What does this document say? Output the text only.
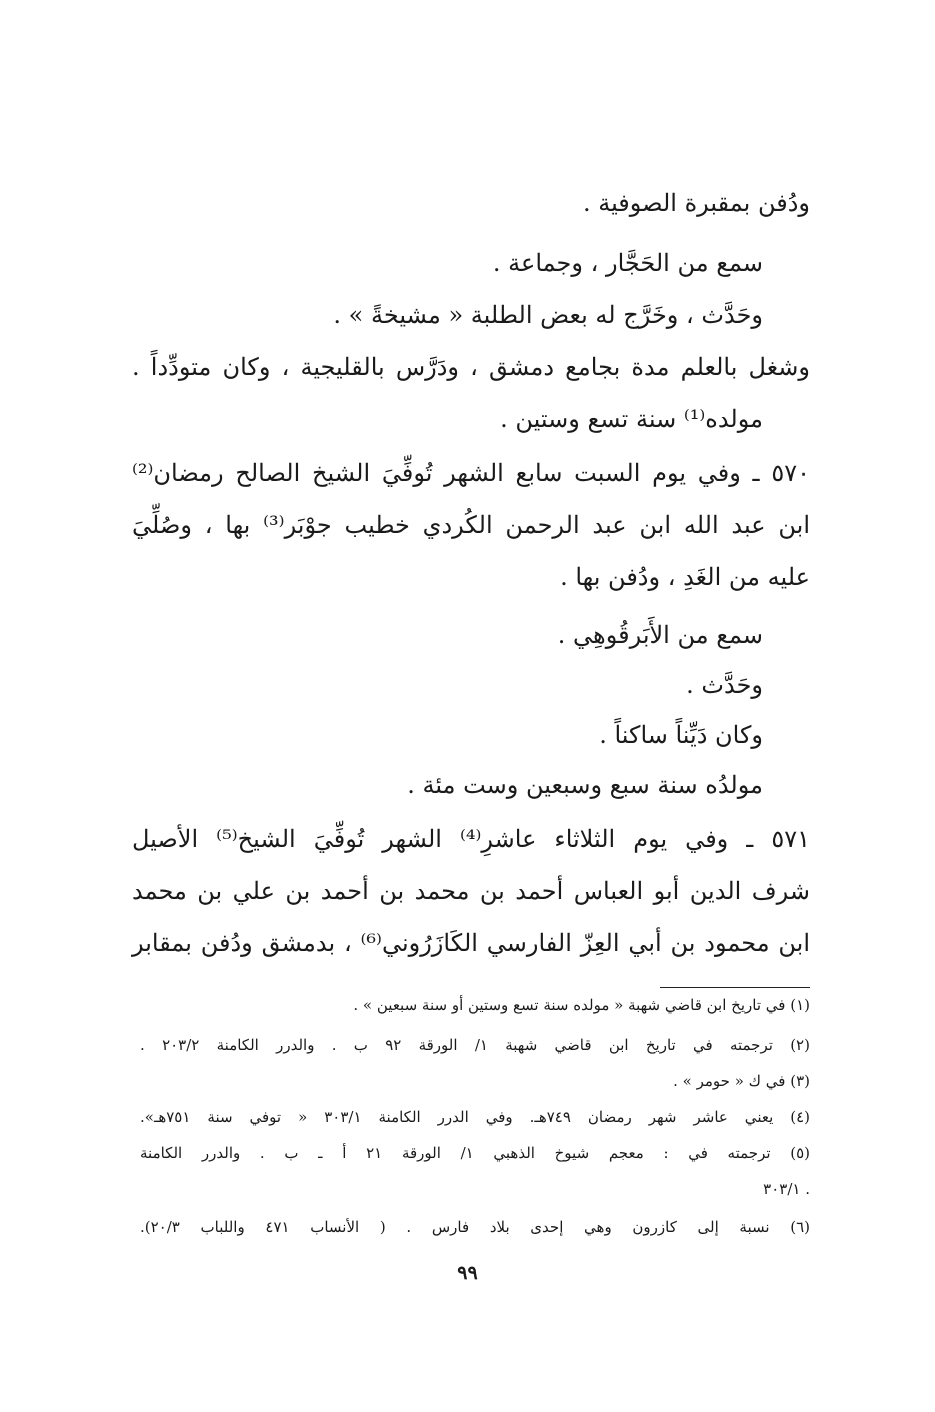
ودُفن بمقبرة الصوفية .
سمع من الحَجَّار ، وجماعة .
وحَدَّث ، وخَرَّج له بعض الطلبة « مشيخةً » .
وشغل بالعلم مدة بجامع دمشق ، ودَرَّس بالقليجية ، وكان متودِّداً .
مولده⁽¹⁾ سنة تسع وستين .
٥٧٠ ـ وفي يوم السبت سابع الشهر تُوفِّيَ الشيخ الصالح رمضان⁽²⁾
ابن عبد الله ابن عبد الرحمن الكُردي خطيب جوْبَر⁽³⁾ بها ، وصُلِّيَ
عليه من الغَدِ ، ودُفن بها .
سمع من الأَبَرقُوهِي .
وحَدَّث .
وكان دَيِّناً ساكناً .
مولدُه سنة سبع وسبعين وست مئة .
٥٧١ ـ وفي يوم الثلاثاء عاشرِ⁽⁴⁾ الشهر تُوفِّيَ الشيخ⁽⁵⁾ الأصيل
شرف الدين أبو العباس أحمد بن محمد بن أحمد بن علي بن محمد
ابن محمود بن أبي العِزّ الفارسي الكَازَرُوني⁽⁶⁾ ، بدمشق ودُفن بمقابر
(١) في تاريخ ابن قاضي شهبة « مولده سنة تسع وستين أو سنة سبعين » .
(٢) ترجمته في تاريخ ابن قاضي شهبة ١/ الورقة ٩٢ ب . والدرر الكامنة ٢٠٣/٢ .
(٣) في ك « حومر » .
(٤) يعني عاشر شهر رمضان ٧٤٩هـ. وفي الدرر الكامنة ٣٠٣/١ « توفي سنة ٧٥١هـ».
(٥) ترجمته في : معجم شيوخ الذهبي ١/ الورقة ٢١ أ ـ ب . والدرر الكامنة
٣٠٣/١ .
(٦) نسبة إلى كازرون وهي إحدى بلاد فارس . ( الأنساب ٤٧١ واللباب ٢٠/٣).
٩٩
